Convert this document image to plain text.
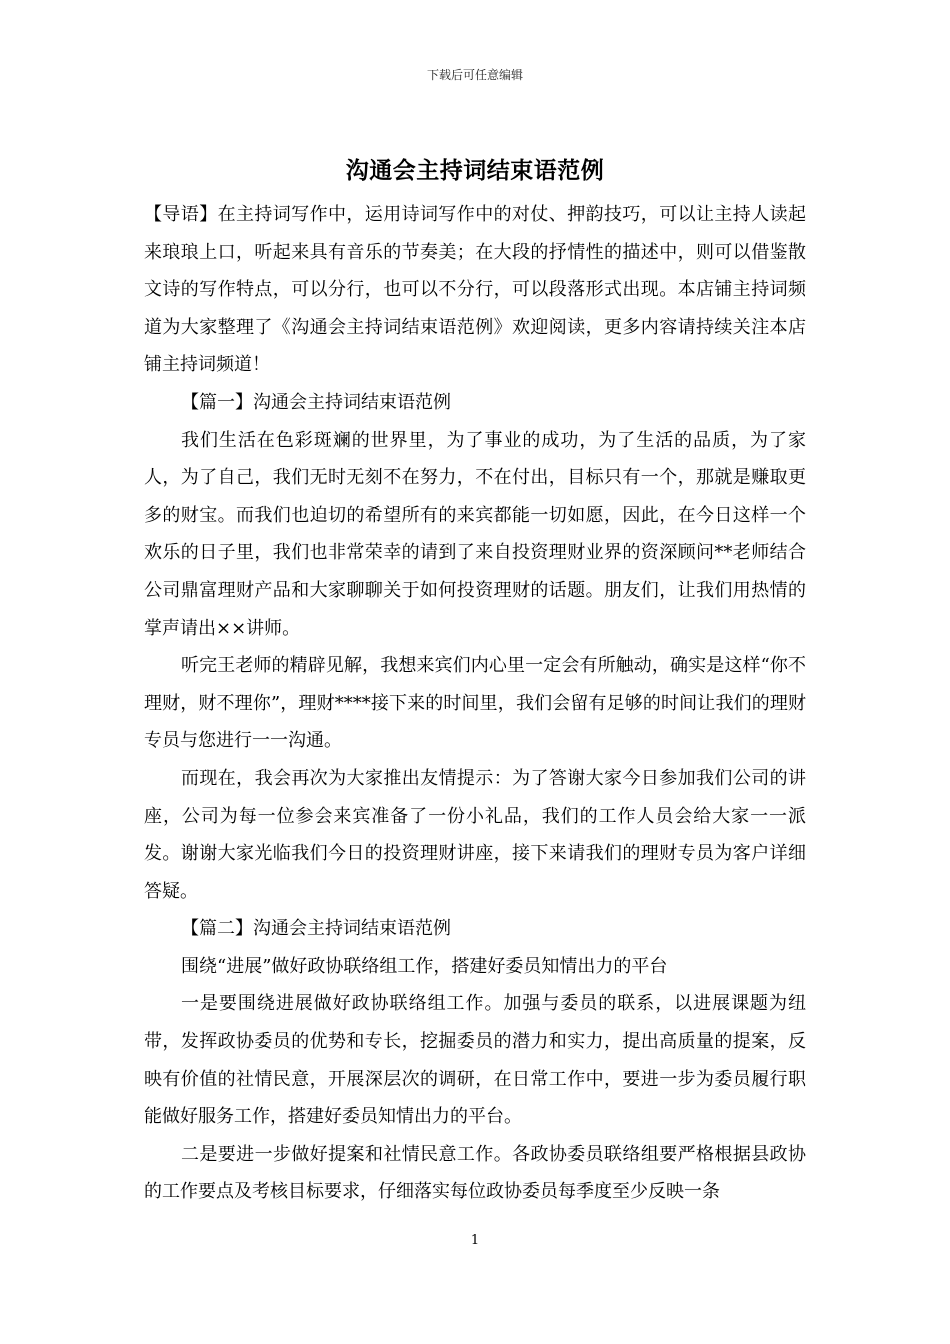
下载后可任意编辑
沟通会主持词结束语范例

【导语】在主持词写作中，运用诗词写作中的对仗、押韵技巧，可以让主持人读起来琅琅上口，听起来具有音乐的节奏美；在大段的抒情性的描述中，则可以借鉴散文诗的写作特点，可以分行，也可以不分行，可以段落形式出现。本店铺主持词频道为大家整理了《沟通会主持词结束语范例》欢迎阅读，更多内容请持续关注本店铺主持词频道！

【篇一】沟通会主持词结束语范例

我们生活在色彩斑斓的世界里，为了事业的成功，为了生活的品质，为了家人，为了自己，我们无时无刻不在努力，不在付出，目标只有一个，那就是赚取更多的财宝。而我们也迫切的希望所有的来宾都能一切如愿，因此，在今日这样一个欢乐的日子里，我们也非常荣幸的请到了来自投资理财业界的资深顾问**老师结合公司鼎富理财产品和大家聊聊关于如何投资理财的话题。朋友们，让我们用热情的掌声请出××讲师。

听完王老师的精辟见解，我想来宾们内心里一定会有所触动，确实是这样“你不理财，财不理你”，理财****接下来的时间里，我们会留有足够的时间让我们的理财专员与您进行一一沟通。

而现在，我会再次为大家推出友情提示：为了答谢大家今日参加我们公司的讲座，公司为每一位参会来宾准备了一份小礼品，我们的工作人员会给大家一一派发。谢谢大家光临我们今日的投资理财讲座，接下来请我们的理财专员为客户详细答疑。

【篇二】沟通会主持词结束语范例

围绕“进展”做好政协联络组工作，搭建好委员知情出力的平台

一是要围绕进展做好政协联络组工作。加强与委员的联系，以进展课题为纽带，发挥政协委员的优势和专长，挖掘委员的潜力和实力，提出高质量的提案，反映有价值的社情民意，开展深层次的调研，在日常工作中，要进一步为委员履行职能做好服务工作，搭建好委员知情出力的平台。

二是要进一步做好提案和社情民意工作。各政协委员联络组要严格根据县政协的工作要点及考核目标要求，仔细落实每位政协委员每季度至少反映一条

1
